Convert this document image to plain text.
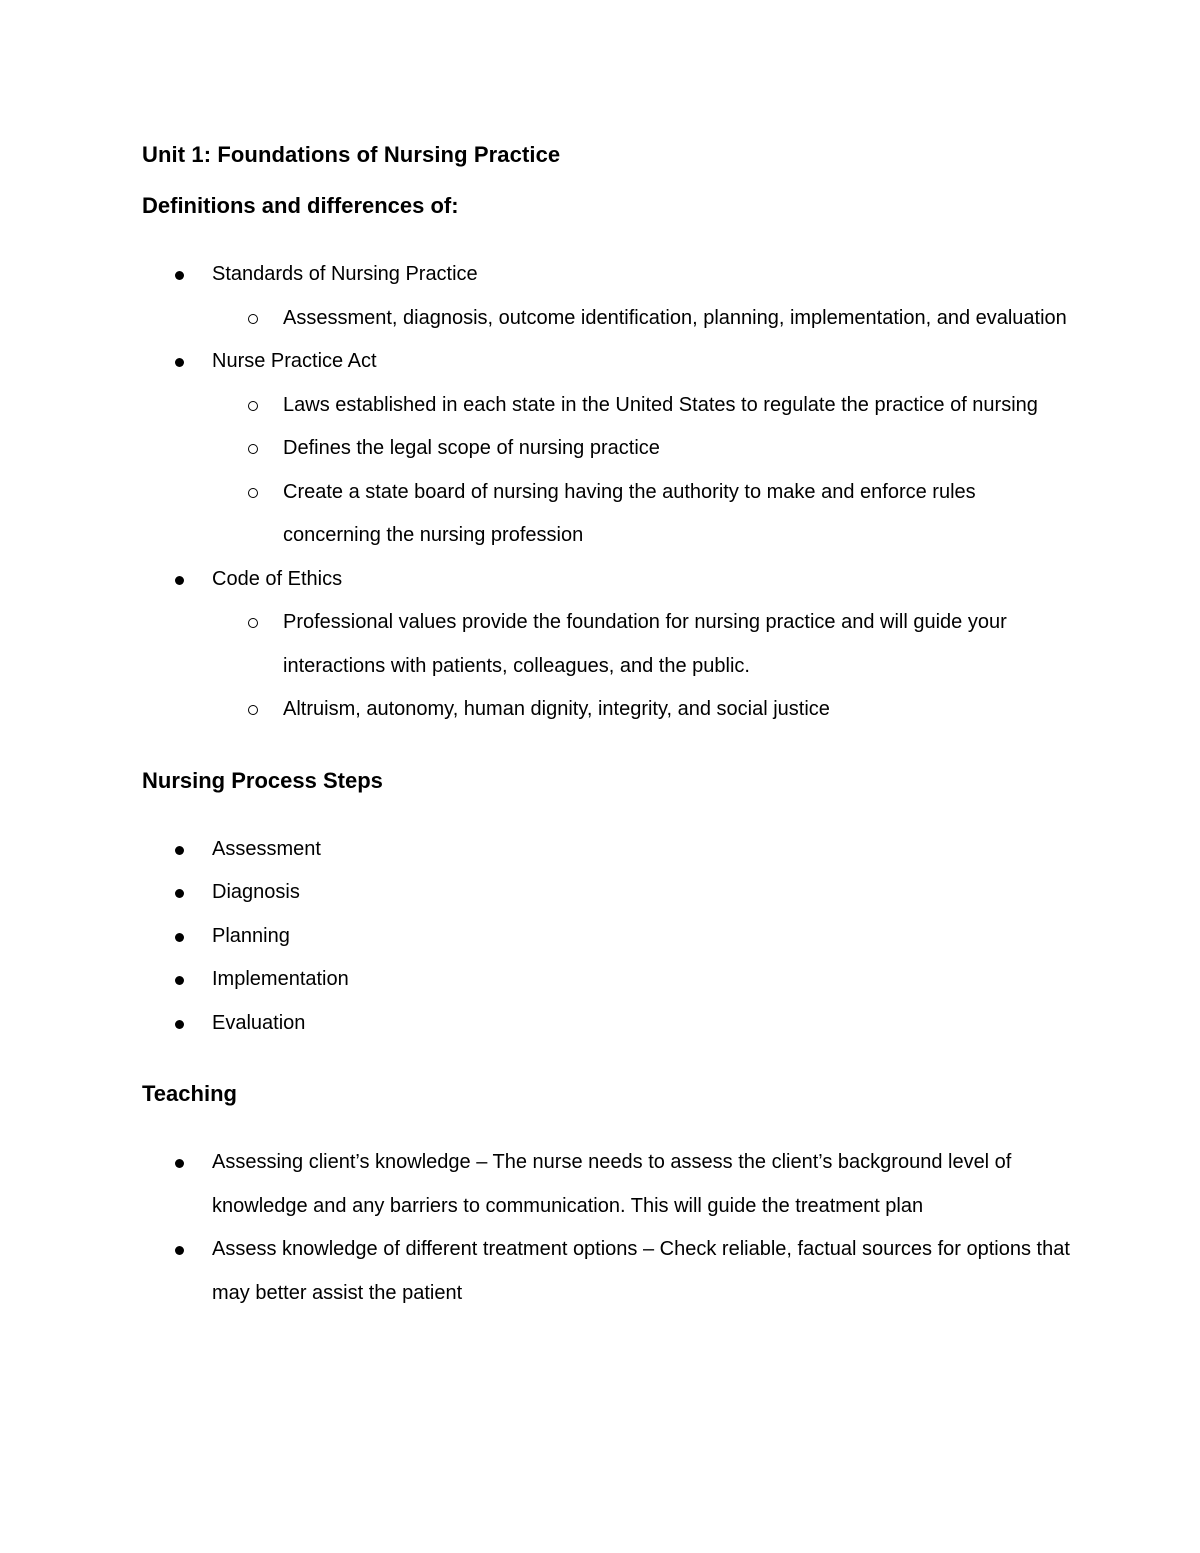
Unit 1: Foundations of Nursing Practice
Definitions and differences of:
Standards of Nursing Practice
Assessment, diagnosis, outcome identification, planning, implementation, and evaluation
Nurse Practice Act
Laws established in each state in the United States to regulate the practice of nursing
Defines the legal scope of nursing practice
Create a state board of nursing having the authority to make and enforce rules concerning the nursing profession
Code of Ethics
Professional values provide the foundation for nursing practice and will guide your interactions with patients, colleagues, and the public.
Altruism, autonomy, human dignity, integrity, and social justice
Nursing Process Steps
Assessment
Diagnosis
Planning
Implementation
Evaluation
Teaching
Assessing client’s knowledge – The nurse needs to assess the client’s background level of knowledge and any barriers to communication. This will guide the treatment plan
Assess knowledge of different treatment options – Check reliable, factual sources for options that may better assist the patient
